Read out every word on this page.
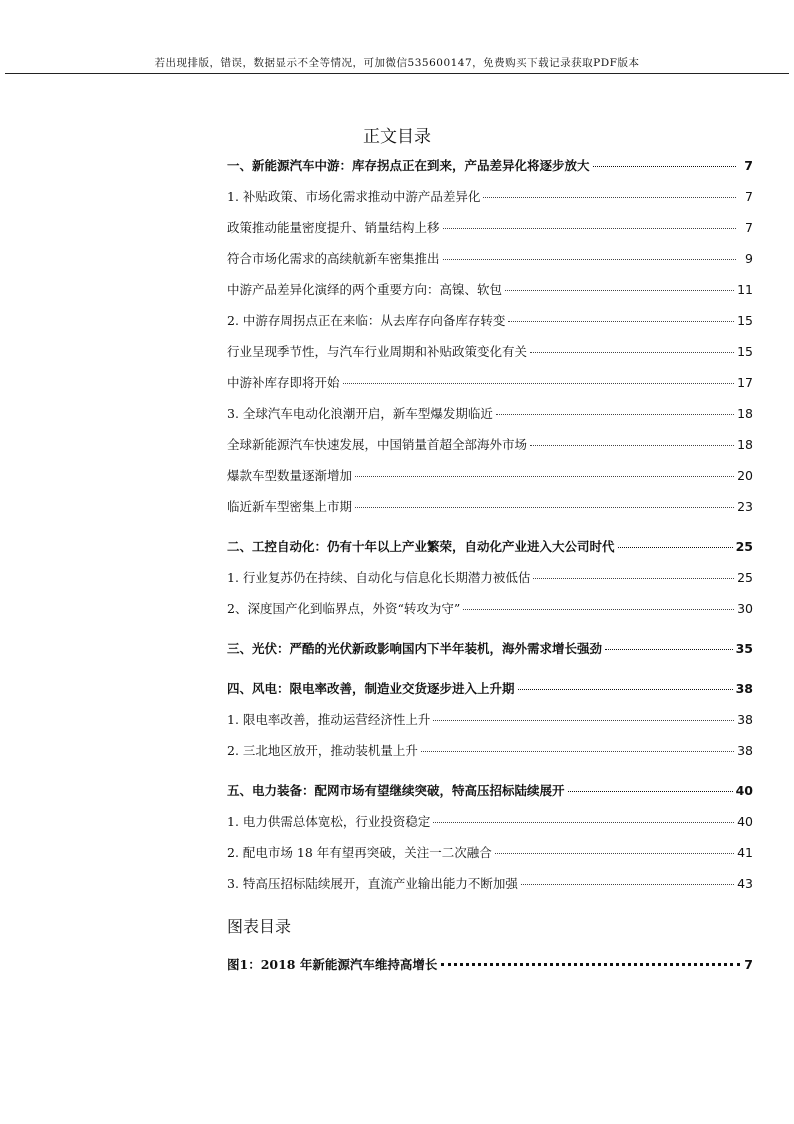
若出现排版，错误，数据显示不全等情况，可加微信535600147，免费购买下载记录获取PDF版本
正文目录
一、新能源汽车中游：库存拐点正在到来，产品差异化将逐步放大	7
1. 补贴政策、市场化需求推动中游产品差异化	7
政策推动能量密度提升、销量结构上移	7
符合市场化需求的高续航新车密集推出	9
中游产品差异化演绎的两个重要方向：高镍、软包	11
2. 中游存周拐点正在来临：从去库存向备库存转变	15
行业呈现季节性，与汽车行业周期和补贴政策变化有关	15
中游补库存即将开始	17
3. 全球汽车电动化浪潮开启，新车型爆发期临近	18
全球新能源汽车快速发展，中国销量首超全部海外市场	18
爆款车型数量逐渐增加	20
临近新车型密集上市期	23
二、工控自动化：仍有十年以上产业繁荣，自动化产业进入大公司时代	25
1. 行业复苏仍在持续、自动化与信息化长期潜力被低估	25
2、深度国产化到临界点，外资“转攻为守”	30
三、光伏：严酷的光伏新政影响国内下半年装机，海外需求增长强劲	35
四、风电：限电率改善，制造业交货逐步进入上升期	38
1. 限电率改善，推动运营经济性上升	38
2. 三北地区放开，推动装机量上升	38
五、电力装备：配网市场有望继续突破，特高压招标陆续展开	40
1. 电力供需总体宽松，行业投资稳定	40
2. 配电市场 18 年有望再突破，关注一二次融合	41
3. 特高压招标陆续展开，直流产业输出能力不断加强	43
图表目录
图1：2018 年新能源汽车维持高增长	7
